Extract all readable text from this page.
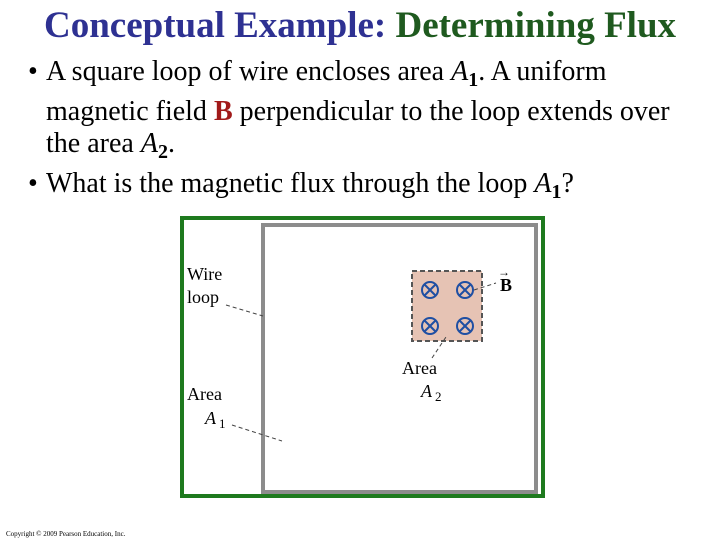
Conceptual Example: Determining Flux
• A square loop of wire encloses area $A_1$. A uniform magnetic field B perpendicular to the loop extends over the area $A_2$.
• What is the magnetic flux through the loop $A_1$?
Wire
loop
Area
A 1
Area
A 2
B
→
Copyright © 2009 Pearson Education, Inc.
